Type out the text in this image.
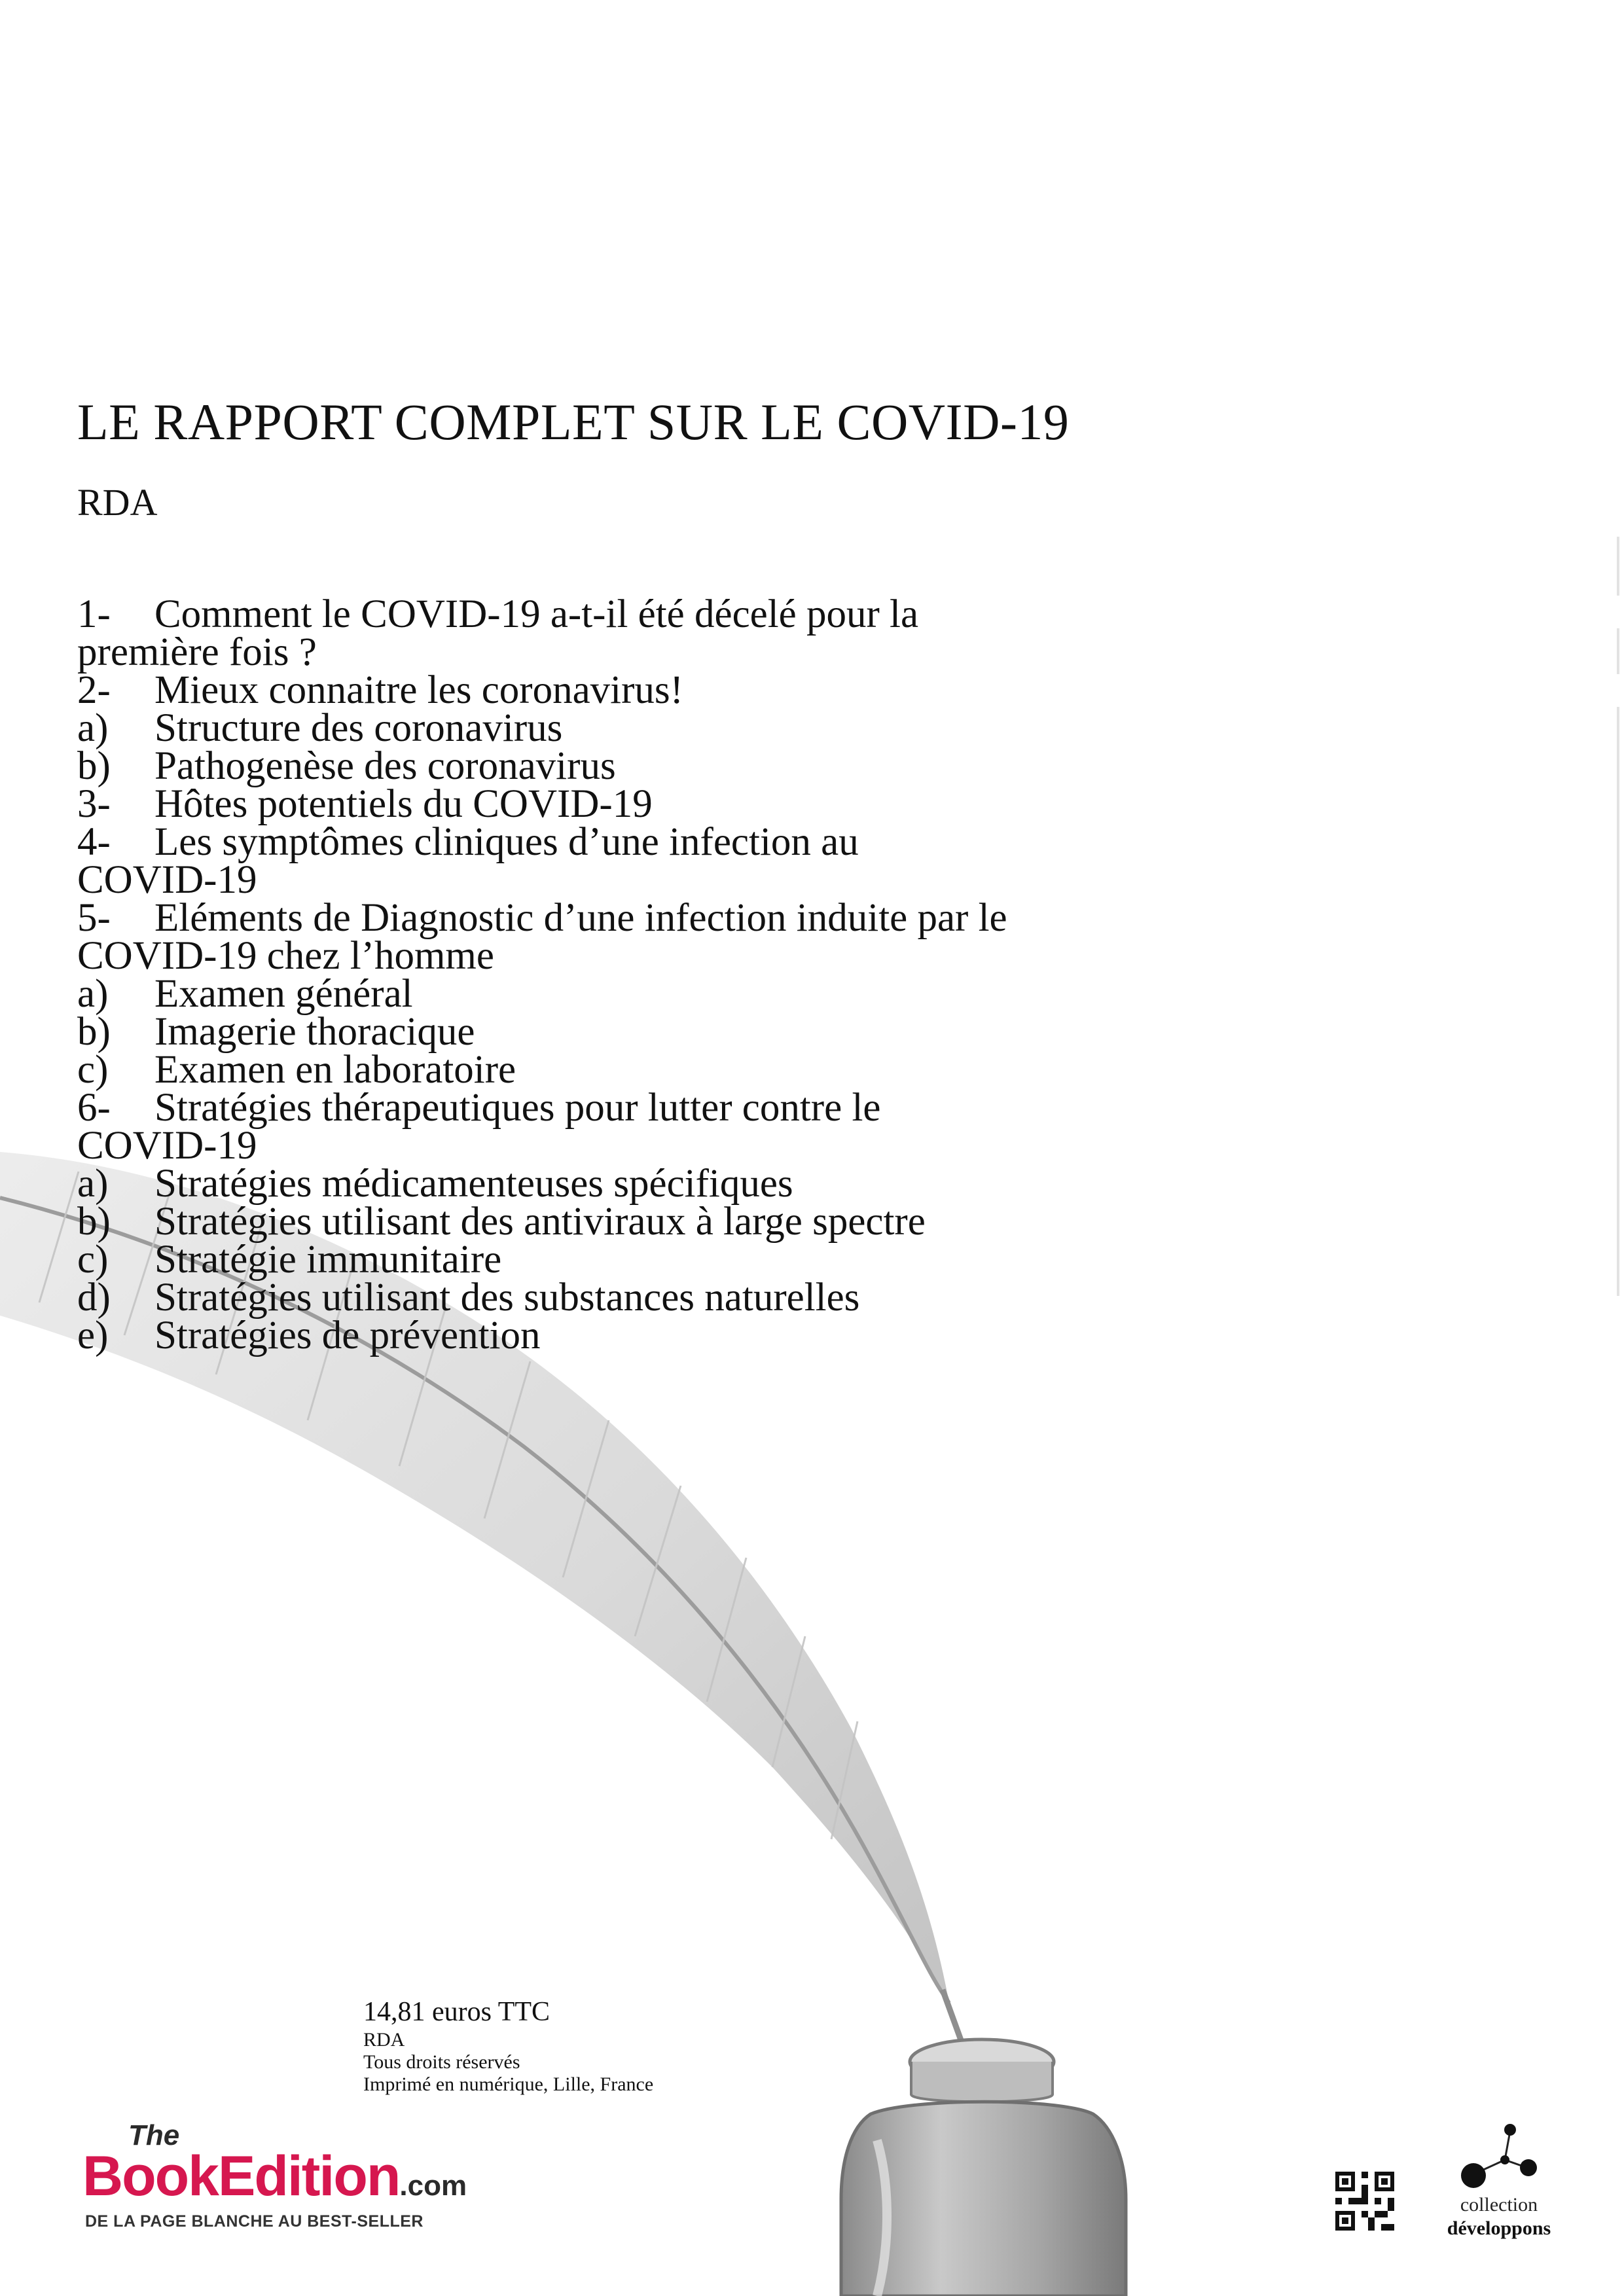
LE RAPPORT COMPLET SUR LE COVID-19
RDA
1- Comment le COVID-19 a-t-il été décelé pour la
première fois ?
2- Mieux connaitre les coronavirus!
a) Structure des coronavirus
b) Pathogenèse des coronavirus
3- Hôtes potentiels du COVID-19
4- Les symptômes cliniques d’une infection au
COVID-19
5- Eléments de Diagnostic d’une infection induite par le
COVID-19 chez l’homme
a) Examen général
b) Imagerie thoracique
c) Examen en laboratoire
6- Stratégies thérapeutiques pour lutter contre le
COVID-19
a) Stratégies médicamenteuses spécifiques
b) Stratégies utilisant des antiviraux à large spectre
c) Stratégie immunitaire
d) Stratégies utilisant des substances naturelles
e) Stratégies de prévention
14,81 euros TTC
RDA
Tous droits réservés
Imprimé en numérique, Lille, France
The
BookEdition.com
DE LA PAGE BLANCHE AU BEST-SELLER
collection
développons
